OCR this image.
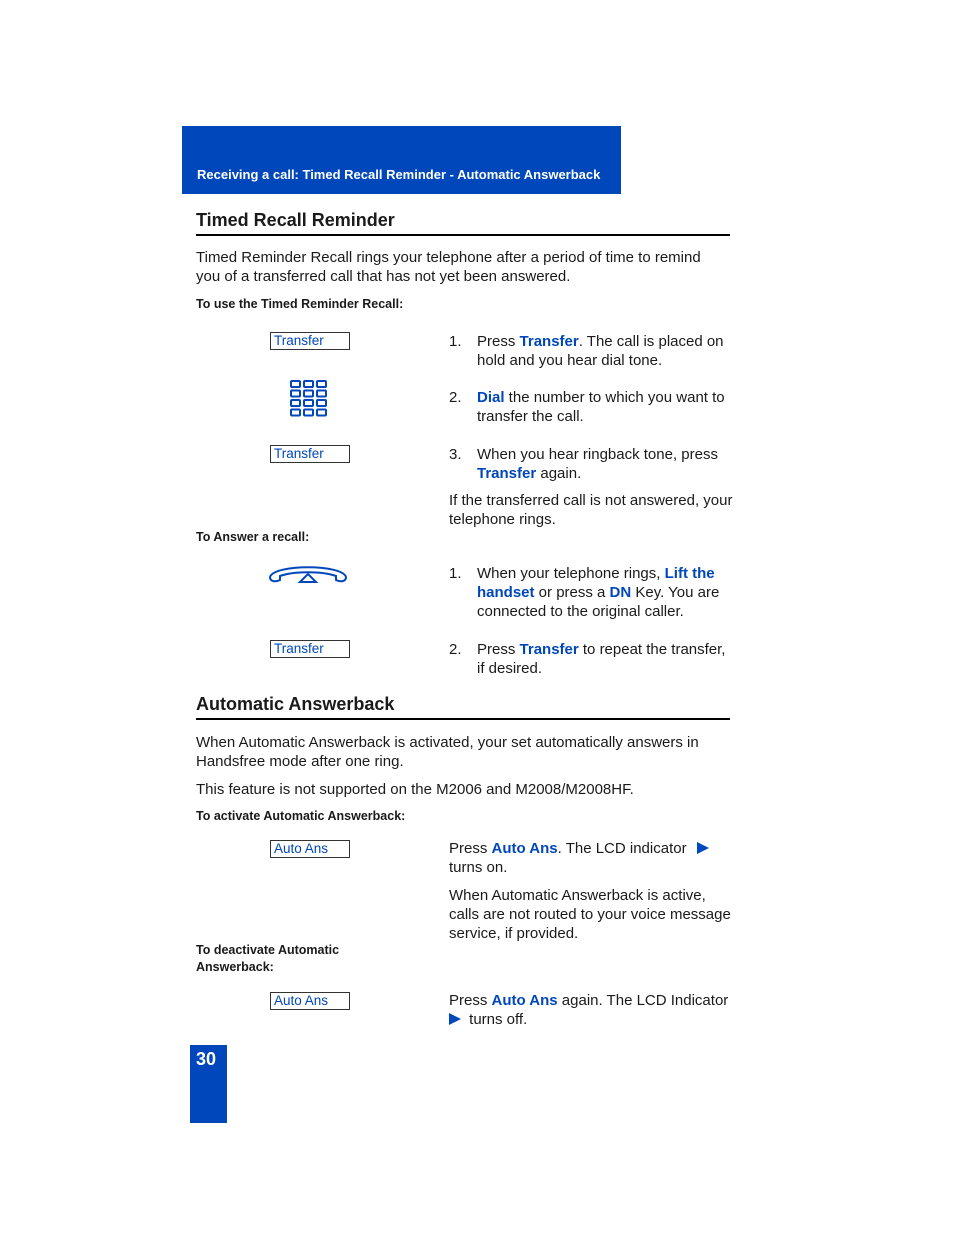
Receiving a call: Timed Recall Reminder - Automatic Answerback
Timed Recall Reminder
Timed Reminder Recall rings your telephone after a period of time to remind you of a transferred call that has not yet been answered.
To use the Timed Reminder Recall:
Transfer	1. Press Transfer. The call is placed on hold and you hear dial tone.
2. Dial the number to which you want to transfer the call.
Transfer	3. When you hear ringback tone, press Transfer again.
If the transferred call is not answered, your telephone rings.
To Answer a recall:
1. When your telephone rings, Lift the handset or press a DN Key. You are connected to the original caller.
Transfer	2. Press Transfer to repeat the transfer, if desired.
Automatic Answerback
When Automatic Answerback is activated, your set automatically answers in Handsfree mode after one ring.
This feature is not supported on the M2006 and M2008/M2008HF.
To activate Automatic Answerback:
Auto Ans	Press Auto Ans. The LCD indicator  turns on.
When Automatic Answerback is active, calls are not routed to your voice message service, if provided.
To deactivate Automatic Answerback:
Auto Ans	Press Auto Ans again. The LCD Indicator
turns off.
30
